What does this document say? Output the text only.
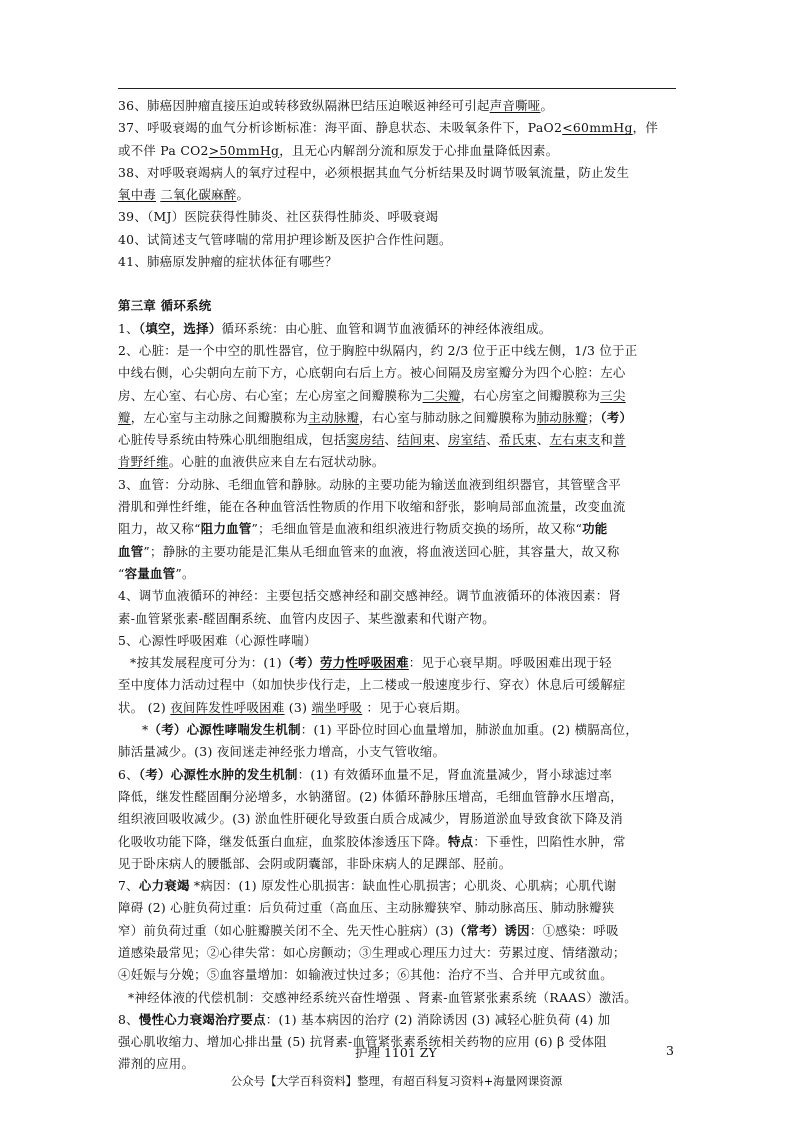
36、肺癌因肿瘤直接压迫或转移致纵隔淋巴结压迫喉返神经可引起声音嘶哑。
37、呼吸衰竭的血气分析诊断标准：海平面、静息状态、未吸氧条件下，PaO2<60mmHg，伴
或不伴 Pa CO2>50mmHg，且无心内解剖分流和原发于心排血量降低因素。
38、对呼吸衰竭病人的氧疗过程中，必须根据其血气分析结果及时调节吸氧流量，防止发生
氧中毒 二氧化碳麻醉。
39、（MJ）医院获得性肺炎、社区获得性肺炎、呼吸衰竭
40、试简述支气管哮喘的常用护理诊断及医护合作性问题。
41、肺癌原发肿瘤的症状体征有哪些？
第三章 循环系统
1、（填空，选择）循环系统：由心脏、血管和调节血液循环的神经体液组成。
2、心脏：是一个中空的肌性器官，位于胸腔中纵隔内，约 2/3 位于正中线左侧，1/3 位于正
中线右侧，心尖朝向左前下方，心底朝向右后上方。被心间隔及房室瓣分为四个心腔：左心
房、左心室、右心房、右心室；左心房室之间瓣膜称为二尖瓣，右心房室之间瓣膜称为三尖
瓣，左心室与主动脉之间瓣膜称为主动脉瓣，右心室与肺动脉之间瓣膜称为肺动脉瓣；（考）
心脏传导系统由特殊心肌细胞组成，包括窦房结、结间束、房室结、希氏束、左右束支和普
肯野纤维。心脏的血液供应来自左右冠状动脉。
3、血管：分动脉、毛细血管和静脉。动脉的主要功能为输送血液到组织器官，其管壁含平
滑肌和弹性纤维，能在各种血管活性物质的作用下收缩和舒张，影响局部血流量，改变血流
阻力，故又称“阻力血管”；毛细血管是血液和组织液进行物质交换的场所，故又称“功能
血管”；静脉的主要功能是汇集从毛细血管来的血液，将血液送回心脏，其容量大，故又称
“容量血管”。
4、调节血液循环的神经：主要包括交感神经和副交感神经。调节血液循环的体液因素：肾
素-血管紧张素-醛固酮系统、血管内皮因子、某些激素和代谢产物。
5、心源性呼吸困难（心源性哮喘）
*按其发展程度可分为：(1)（考）劳力性呼吸困难：见于心衰早期。呼吸困难出现于轻
至中度体力活动过程中（如加快步伐行走，上二楼或一般速度步行、穿衣）休息后可缓解症
状。 (2) 夜间阵发性呼吸困难 (3) 端坐呼吸 ：见于心衰后期。
*（考）心源性哮喘发生机制：(1) 平卧位时回心血量增加，肺淤血加重。(2) 横膈高位，
肺活量减少。(3) 夜间迷走神经张力增高，小支气管收缩。
6、（考）心源性水肿的发生机制：(1) 有效循环血量不足，肾血流量减少，肾小球滤过率
降低，继发性醛固酮分泌增多，水钠潴留。(2) 体循环静脉压增高，毛细血管静水压增高，
组织液回吸收减少。(3) 淤血性肝硬化导致蛋白质合成减少，胃肠道淤血导致食欲下降及消
化吸收功能下降，继发低蛋白血症，血浆胶体渗透压下降。特点：下垂性，凹陷性水肿，常
见于卧床病人的腰骶部、会阴或阴囊部，非卧床病人的足踝部、胫前。
7、心力衰竭 *病因：(1) 原发性心肌损害：缺血性心肌损害；心肌炎、心肌病；心肌代谢
障碍 (2) 心脏负荷过重：后负荷过重（高血压、主动脉瓣狭窄、肺动脉高压、肺动脉瓣狭
窄）前负荷过重（如心脏瓣膜关闭不全、先天性心脏病）(3)（常考）诱因：①感染：呼吸
道感染最常见；②心律失常：如心房颤动；③生理或心理压力过大：劳累过度、情绪激动；
④妊娠与分娩；⑤血容量增加：如输液过快过多；⑥其他：治疗不当、合并甲亢或贫血。
*神经体液的代偿机制：交感神经系统兴奋性增强 、肾素-血管紧张素系统（RAAS）激活。
8、慢性心力衰竭治疗要点：(1) 基本病因的治疗 (2) 消除诱因 (3) 减轻心脏负荷 (4) 加
强心肌收缩力、增加心排出量 (5) 抗肾素-血管紧张素系统相关药物的应用 (6) β 受体阻
滞剂的应用。
护理 1101 ZY	3
公众号【大学百科资料】整理，有超百科复习资料+海量网课资源
